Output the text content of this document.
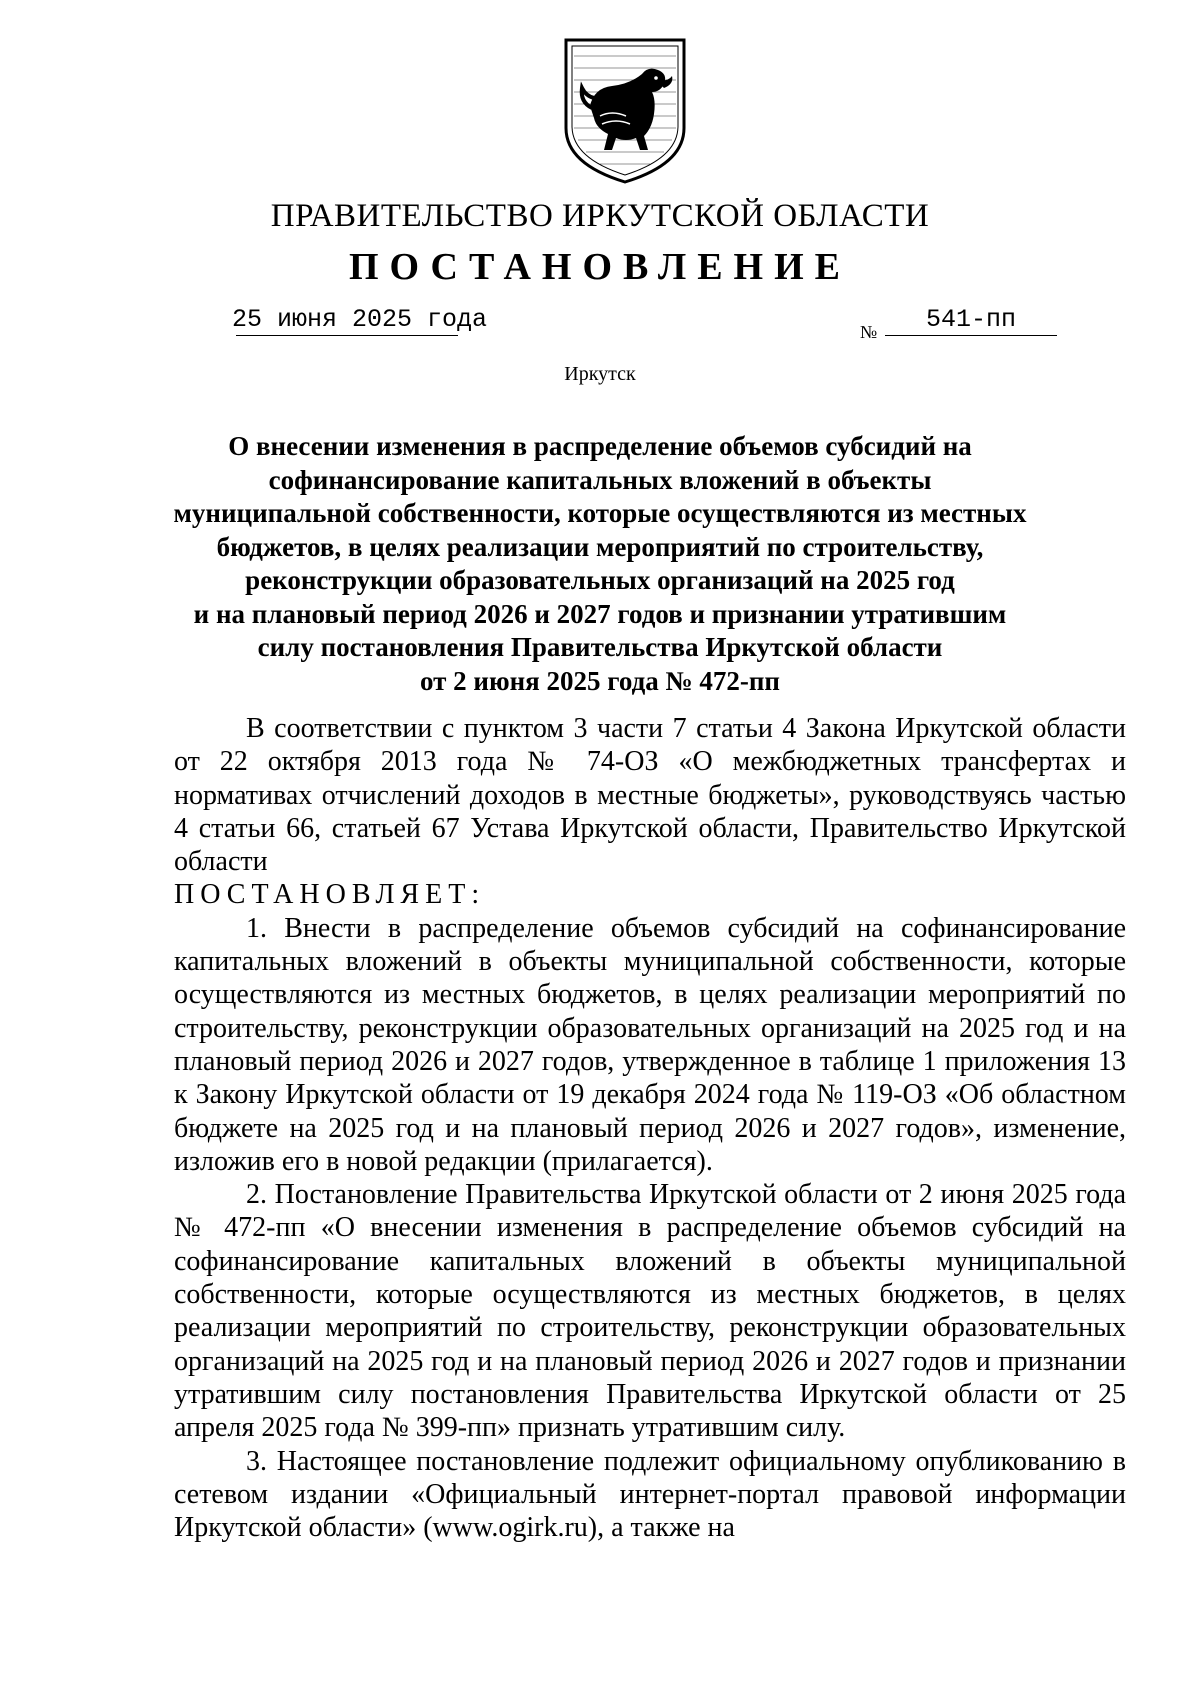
ПРАВИТЕЛЬСТВО ИРКУТСКОЙ ОБЛАСТИ
ПОСТАНОВЛЕНИЕ
25 июня 2025 года	№	541-пп
Иркутск
О внесении изменения в распределение объемов субсидий на
софинансирование капитальных вложений в объекты
муниципальной собственности, которые осуществляются из местных
бюджетов, в целях реализации мероприятий по строительству,
реконструкции образовательных организаций на 2025 год
и на плановый период 2026 и 2027 годов и признании утратившим
силу постановления Правительства Иркутской области
от 2 июня 2025 года № 472-пп

В соответствии с пунктом 3 части 7 статьи 4 Закона Иркутской области от 22 октября 2013 года № 74-ОЗ «О межбюджетных трансфертах и нормативах отчислений доходов в местные бюджеты», руководствуясь частью 4 статьи 66, статьей 67 Устава Иркутской области, Правительство Иркутской области

ПОСТАНОВЛЯЕТ:

1. Внести в распределение объемов субсидий на софинансирование капитальных вложений в объекты муниципальной собственности, которые осуществляются из местных бюджетов, в целях реализации мероприятий по строительству, реконструкции образовательных организаций на 2025 год и на плановый период 2026 и 2027 годов, утвержденное в таблице 1 приложения 13 к Закону Иркутской области от 19 декабря 2024 года № 119-ОЗ «Об областном бюджете на 2025 год и на плановый период 2026 и 2027 годов», изменение, изложив его в новой редакции (прилагается).

2. Постановление Правительства Иркутской области от 2 июня 2025 года № 472-пп «О внесении изменения в распределение объемов субсидий на софинансирование капитальных вложений в объекты муниципальной собственности, которые осуществляются из местных бюджетов, в целях реализации мероприятий по строительству, реконструкции образовательных организаций на 2025 год и на плановый период 2026 и 2027 годов и признании утратившим силу постановления Правительства Иркутской области от 25 апреля 2025 года № 399-пп» признать утратившим силу.

3. Настоящее постановление подлежит официальному опубликованию в сетевом издании «Официальный интернет-портал правовой информации Иркутской области» (www.ogirk.ru), а также на
